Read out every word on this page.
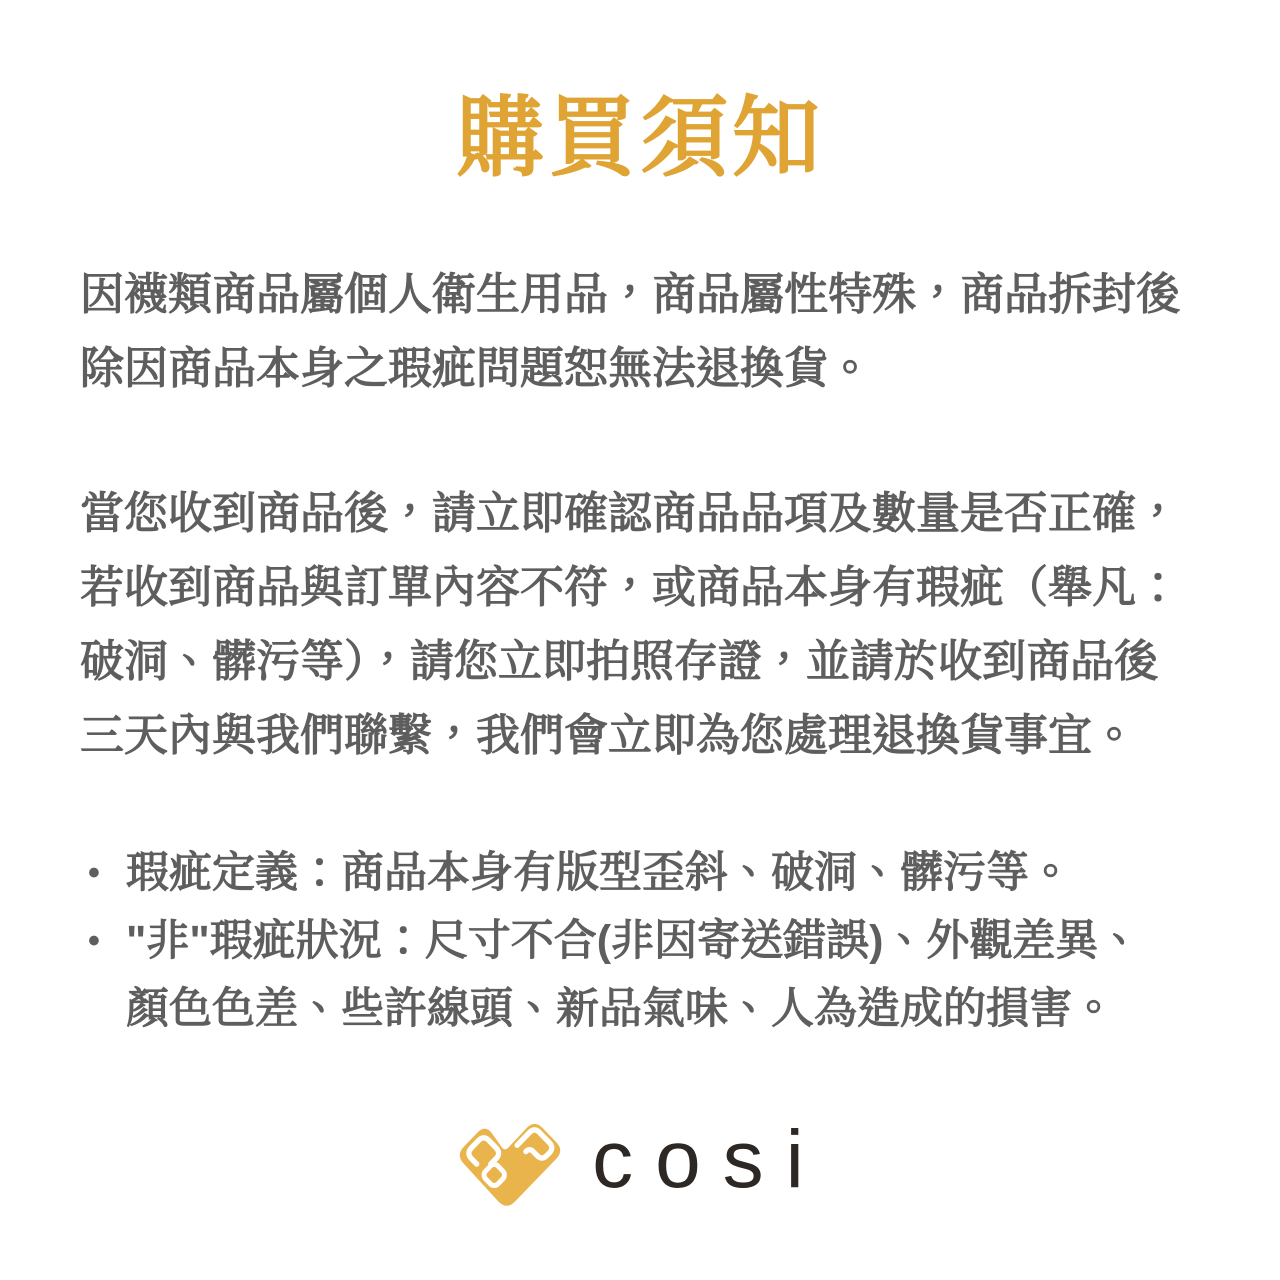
購買須知

因襪類商品屬個人衛生用品，商品屬性特殊，商品拆封後
除因商品本身之瑕疵問題恕無法退換貨。

當您收到商品後，請立即確認商品品項及數量是否正確，
若收到商品與訂單內容不符，或商品本身有瑕疵（舉凡：
破洞、髒污等），請您立即拍照存證，並請於收到商品後
三天內與我們聯繫，我們會立即為您處理退換貨事宜。

• 瑕疵定義：商品本身有版型歪斜、破洞、髒污等。
• "非"瑕疵狀況：尺寸不合(非因寄送錯誤)、外觀差異、
顏色色差、些許線頭、新品氣味、人為造成的損害。
cosi
